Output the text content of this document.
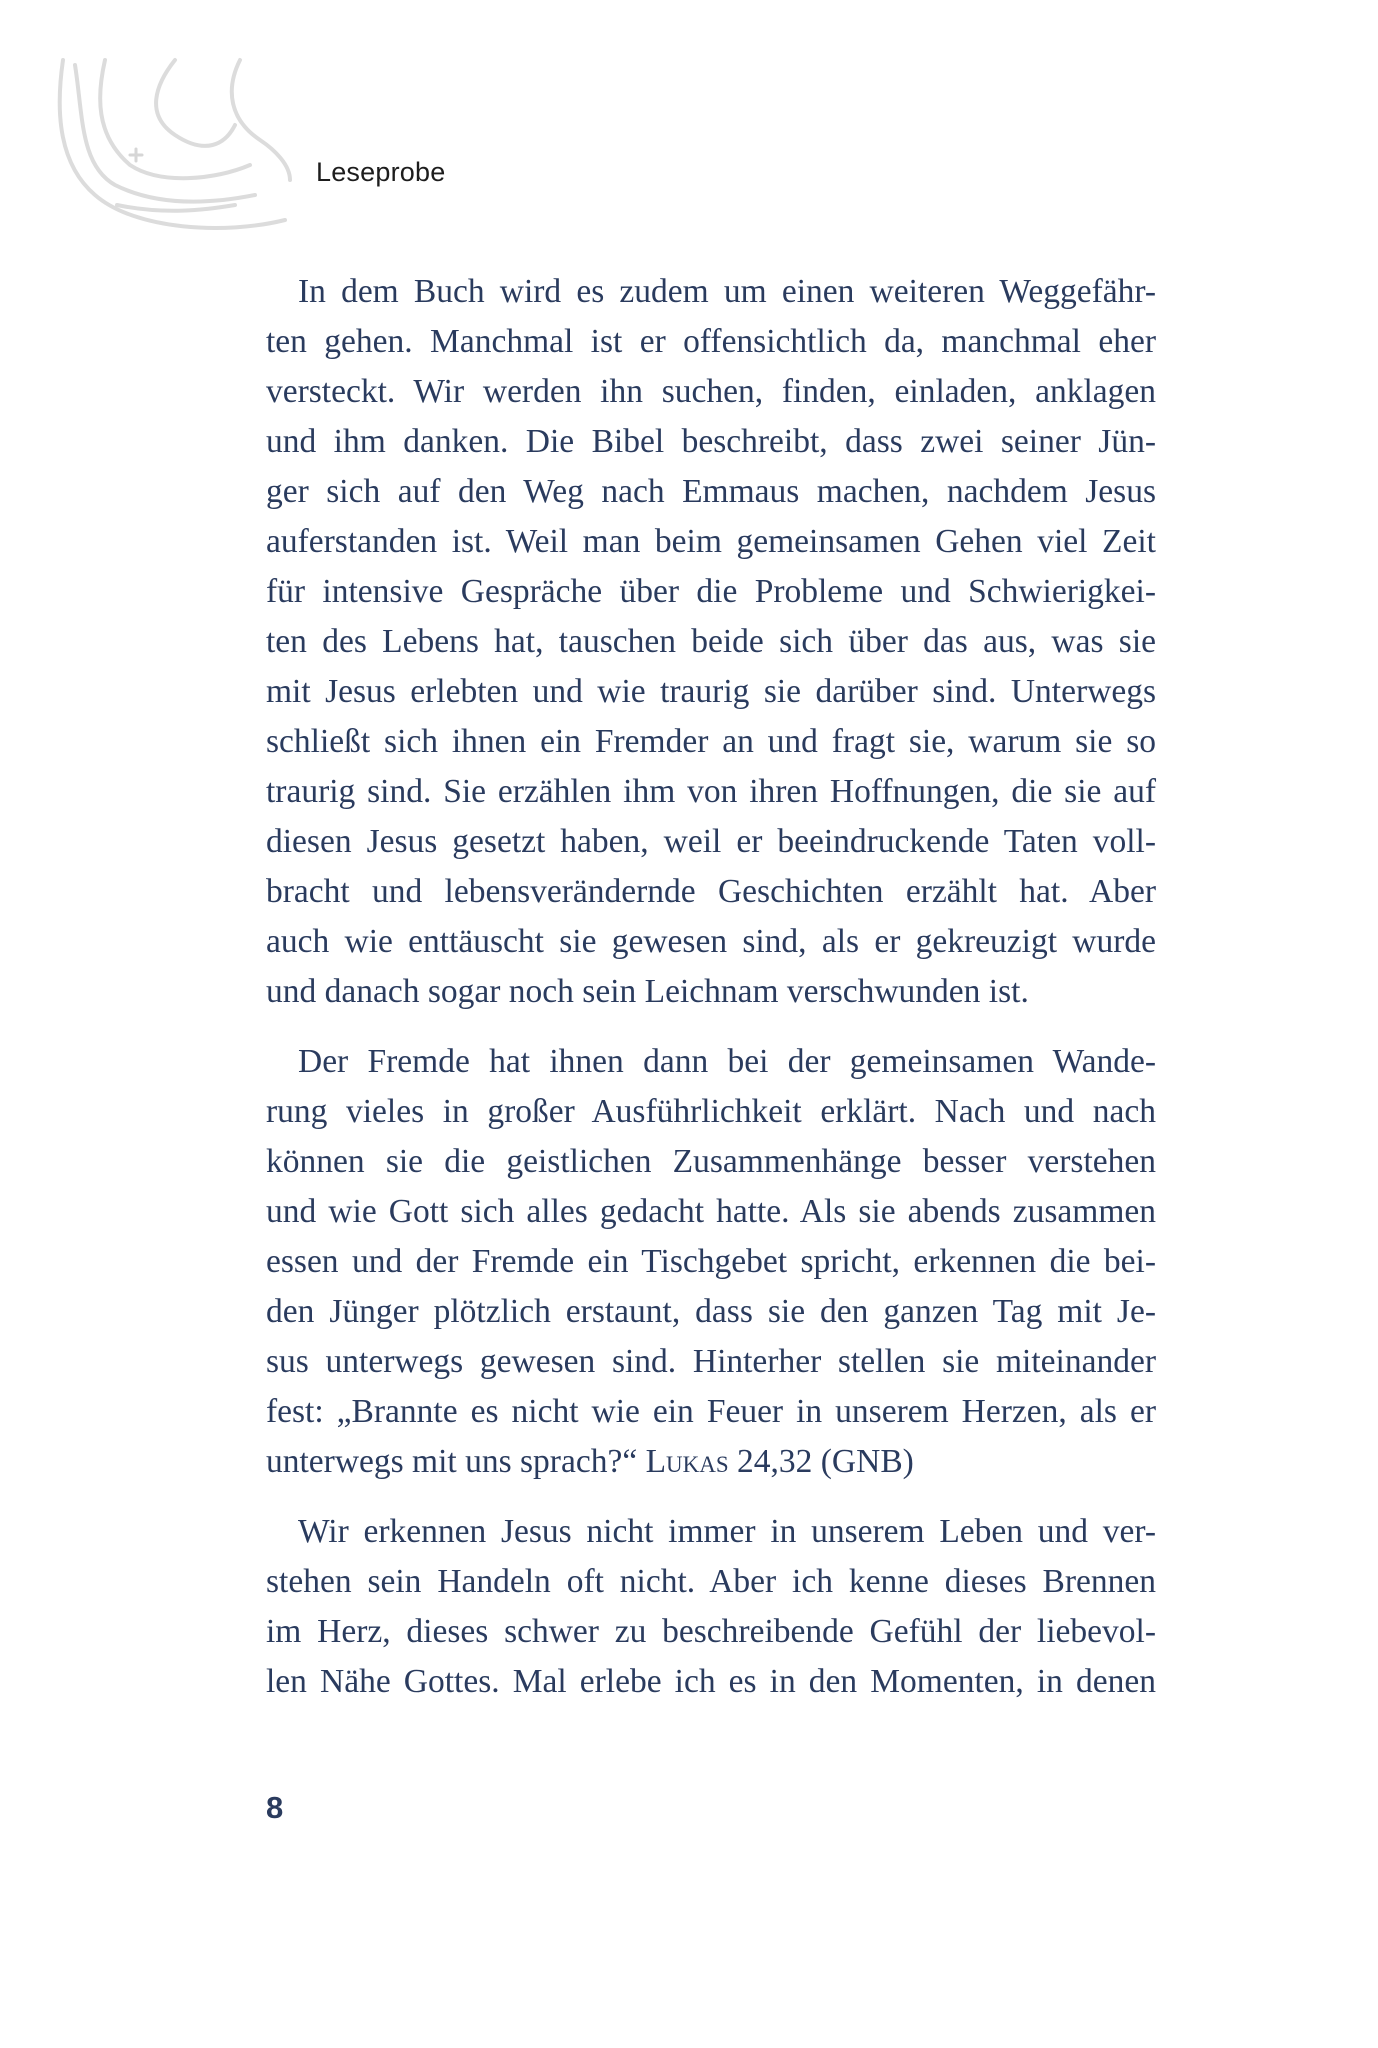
Leseprobe
In dem Buch wird es zudem um einen weiteren Weggefähr-
ten gehen. Manchmal ist er offensichtlich da, manchmal eher
versteckt. Wir werden ihn suchen, finden, einladen, anklagen
und ihm danken. Die Bibel beschreibt, dass zwei seiner Jün-
ger sich auf den Weg nach Emmaus machen, nachdem Jesus
auferstanden ist. Weil man beim gemeinsamen Gehen viel Zeit
für intensive Gespräche über die Probleme und Schwierigkei-
ten des Lebens hat, tauschen beide sich über das aus, was sie
mit Jesus erlebten und wie traurig sie darüber sind. Unterwegs
schließt sich ihnen ein Fremder an und fragt sie, warum sie so
traurig sind. Sie erzählen ihm von ihren Hoffnungen, die sie auf
diesen Jesus gesetzt haben, weil er beeindruckende Taten voll-
bracht und lebensverändernde Geschichten erzählt hat. Aber
auch wie enttäuscht sie gewesen sind, als er gekreuzigt wurde
und danach sogar noch sein Leichnam verschwunden ist.
Der Fremde hat ihnen dann bei der gemeinsamen Wande-
rung vieles in großer Ausführlichkeit erklärt. Nach und nach
können sie die geistlichen Zusammenhänge besser verstehen
und wie Gott sich alles gedacht hatte. Als sie abends zusammen
essen und der Fremde ein Tischgebet spricht, erkennen die bei-
den Jünger plötzlich erstaunt, dass sie den ganzen Tag mit Je-
sus unterwegs gewesen sind. Hinterher stellen sie miteinander
fest: „Brannte es nicht wie ein Feuer in unserem Herzen, als er
unterwegs mit uns sprach?“ Lukas 24,32 (GNB)
Wir erkennen Jesus nicht immer in unserem Leben und ver-
stehen sein Handeln oft nicht. Aber ich kenne dieses Brennen
im Herz, dieses schwer zu beschreibende Gefühl der liebevol-
len Nähe Gottes. Mal erlebe ich es in den Momenten, in denen
8
